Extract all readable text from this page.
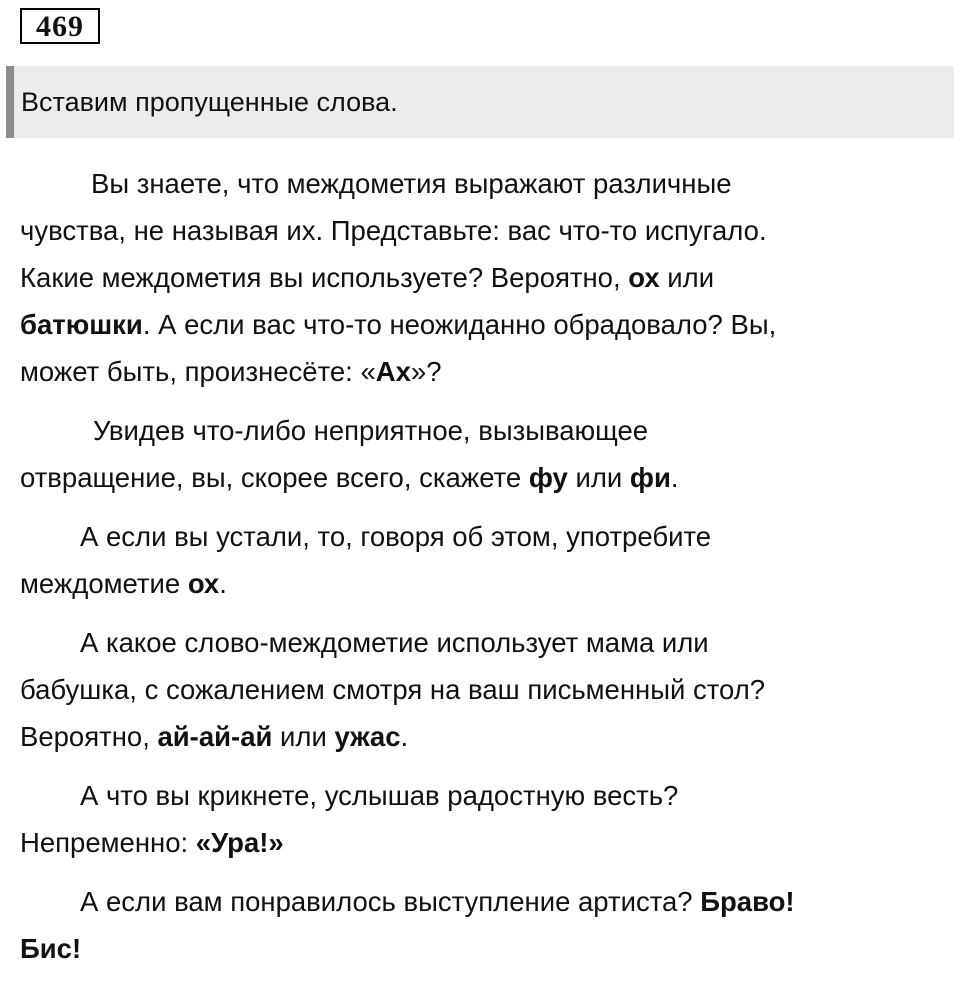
469
Вставим пропущенные слова.
Вы знаете, что междометия выражают различные
чувства, не называя их. Представьте: вас что-то испугало.
Какие междометия вы используете? Вероятно, ох или
батюшки. А если вас что-то неожиданно обрадовало? Вы,
может быть, произнесёте: «Ах»?
Увидев что-либо неприятное, вызывающее
отвращение, вы, скорее всего, скажете фу или фи.
А если вы устали, то, говоря об этом, употребите
междометие ох.
А какое слово-междометие использует мама или
бабушка, с сожалением смотря на ваш письменный стол?
Вероятно, ай-ай-ай или ужас.
А что вы крикнете, услышав радостную весть?
Непременно: «Ура!»
А если вам понравилось выступление артиста? Браво!
Бис!
